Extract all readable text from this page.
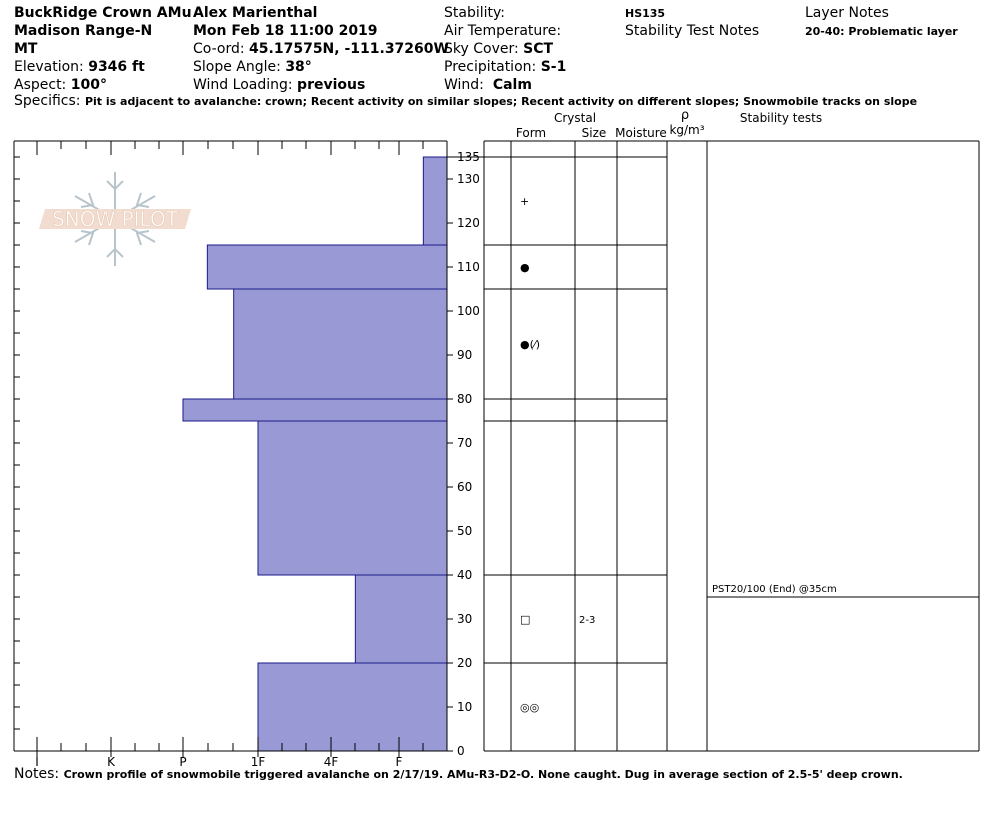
BuckRidge Crown AMu
Madison Range-N
MT
Elevation: 9346 ft
Aspect: 100°
Alex Marienthal
Mon Feb 18 11:00 2019
Co-ord: 45.17575N, -111.37260W
Slope Angle: 38°
Wind Loading: previous
Stability:
Air Temperature:
Sky Cover: SCT
Precipitation: S-1
Wind: Calm
HS135
Stability Test Notes
Layer Notes
20-40: Problematic layer
Specifics: Pit is adjacent to avalanche: crown; Recent activity on similar slopes; Recent activity on different slopes; Snowmobile tracks on slope
Notes: Crown profile of snowmobile triggered avalanche on 2/17/19. AMu-R3-D2-O. None caught. Dug in average section of 2.5-5' deep crown.
I	K	P	1F	4F	F
0
10
20
30
40
50
60
70
80
90
100
110
120
130
135
SNOW PILOT
◎◎
□	2-3
●(⁄)
●
+
PST20/100 (End) @35cm
Crystal
Form	Size Moisture
ρ
kg/m³
Stability tests
